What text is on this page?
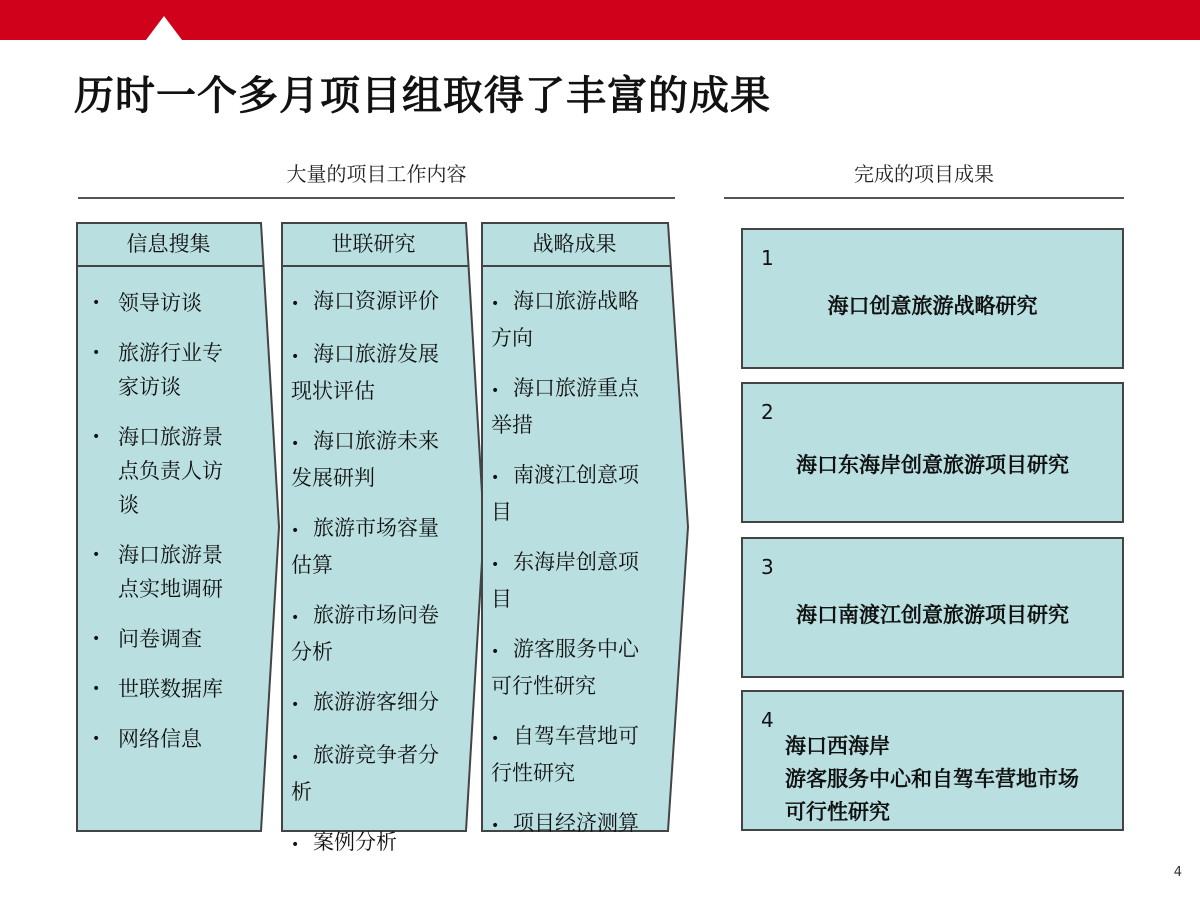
历时一个多月项目组取得了丰富的成果
大量的项目工作内容	完成的项目成果
信息搜集
• 领导访谈
• 旅游行业专家访谈
• 海口旅游景点负责人访谈
• 海口旅游景点实地调研
• 问卷调查
• 世联数据库
• 网络信息
世联研究
• 海口资源评价
• 海口旅游发展现状评估
• 海口旅游未来发展研判
• 旅游市场容量估算
• 旅游市场问卷分析
• 旅游游客细分
• 旅游竞争者分析
• 案例分析
战略成果
• 海口旅游战略方向
• 海口旅游重点举措
• 南渡江创意项目
• 东海岸创意项目
• 游客服务中心可行性研究
• 自驾车营地可行性研究
• 项目经济测算
1
海口创意旅游战略研究
2
海口东海岸创意旅游项目研究
3
海口南渡江创意旅游项目研究
4
海口西海岸
游客服务中心和自驾车营地市场
可行性研究
4
